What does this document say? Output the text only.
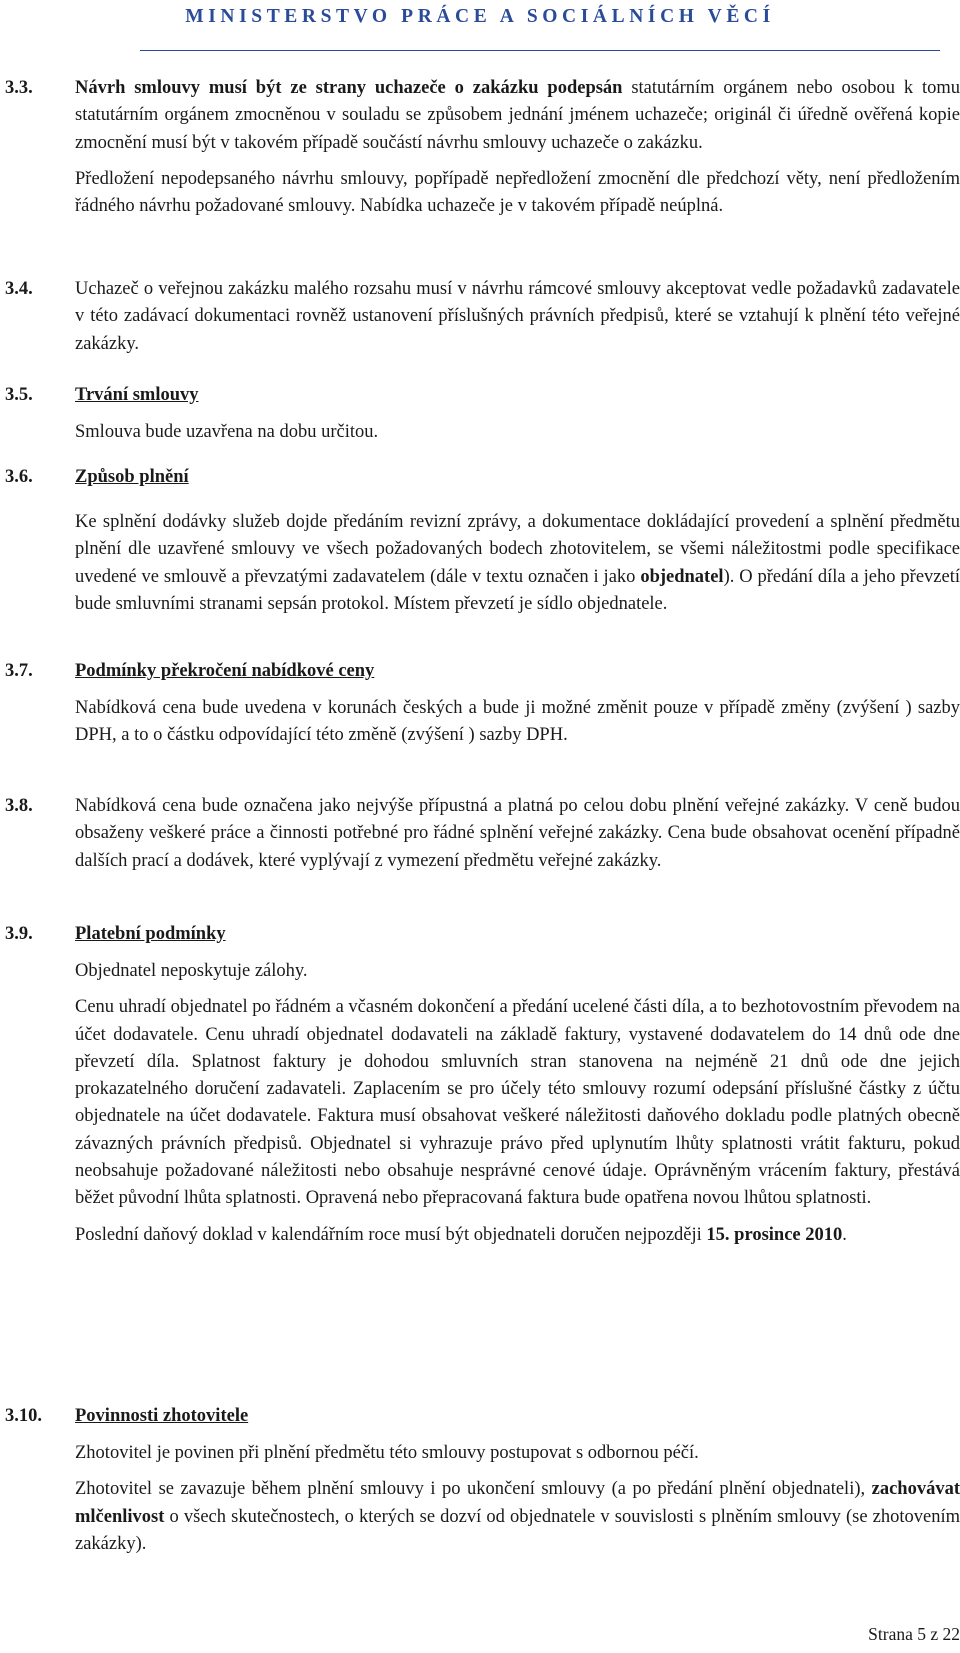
MINISTERSTVO PRÁCE A SOCIÁLNÍCH VĚCÍ
3.3. Návrh smlouvy musí být ze strany uchazeče o zakázku podepsán statutárním orgánem nebo osobou k tomu statutárním orgánem zmocněnou v souladu se způsobem jednání jménem uchazeče; originál či úředně ověřená kopie zmocnění musí být v takovém případě součástí návrhu smlouvy uchazeče o zakázku.

Předložení nepodepsaného návrhu smlouvy, popřípadě nepředložení zmocnění dle předchozí věty, není předložením řádného návrhu požadované smlouvy. Nabídka uchazeče je v takovém případě neúplná.

3.4. Uchazeč o veřejnou zakázku malého rozsahu musí v návrhu rámcové smlouvy akceptovat vedle požadavků zadavatele v této zadávací dokumentaci rovněž ustanovení příslušných právních předpisů, které se vztahují k plnění této veřejné zakázky.

3.5. Trvání smlouvy

Smlouva bude uzavřena na dobu určitou.

3.6. Způsob plnění

Ke splnění dodávky služeb dojde předáním revizní zprávy, a dokumentace dokládající provedení a splnění předmětu plnění dle uzavřené smlouvy ve všech požadovaných bodech zhotovitelem, se všemi náležitostmi podle specifikace uvedené ve smlouvě a převzatými zadavatelem (dále v textu označen i jako objednatel). O předání díla a jeho převzetí bude smluvními stranami sepsán protokol. Místem převzetí je sídlo objednatele.

3.7. Podmínky překročení nabídkové ceny

Nabídková cena bude uvedena v korunách českých a bude ji možné změnit pouze v případě změny (zvýšení ) sazby DPH, a to o částku odpovídající této změně (zvýšení ) sazby DPH.

3.8. Nabídková cena bude označena jako nejvýše přípustná a platná po celou dobu plnění veřejné zakázky. V ceně budou obsaženy veškeré práce a činnosti potřebné pro řádné splnění veřejné zakázky. Cena bude obsahovat ocenění případně dalších prací a dodávek, které vyplývají z vymezení předmětu veřejné zakázky.

3.9. Platební podmínky

Objednatel neposkytuje zálohy.

Cenu uhradí objednatel po řádném a včasném dokončení a předání ucelené části díla, a to bezhotovostním převodem na účet dodavatele. Cenu uhradí objednatel dodavateli na základě faktury, vystavené dodavatelem do 14 dnů ode dne převzetí díla. Splatnost faktury je dohodou smluvních stran stanovena na nejméně 21 dnů ode dne jejich prokazatelného doručení zadavateli. Zaplacením se pro účely této smlouvy rozumí odepsání příslušné částky z účtu objednatele na účet dodavatele. Faktura musí obsahovat veškeré náležitosti daňového dokladu podle platných obecně závazných právních předpisů. Objednatel si vyhrazuje právo před uplynutím lhůty splatnosti vrátit fakturu, pokud neobsahuje požadované náležitosti nebo obsahuje nesprávné cenové údaje. Oprávněným vrácením faktury, přestává běžet původní lhůta splatnosti. Opravená nebo přepracovaná faktura bude opatřena novou lhůtou splatnosti.

Poslední daňový doklad v kalendářním roce musí být objednateli doručen nejpozději 15. prosince 2010.

3.10. Povinnosti zhotovitele

Zhotovitel je povinen při plnění předmětu této smlouvy postupovat s odbornou péčí.

Zhotovitel se zavazuje během plnění smlouvy i po ukončení smlouvy (a po předání plnění objednateli), zachovávat mlčenlivost o všech skutečnostech, o kterých se dozví od objednatele v souvislosti s plněním smlouvy (se zhotovením zakázky).

Strana 5 z 22
